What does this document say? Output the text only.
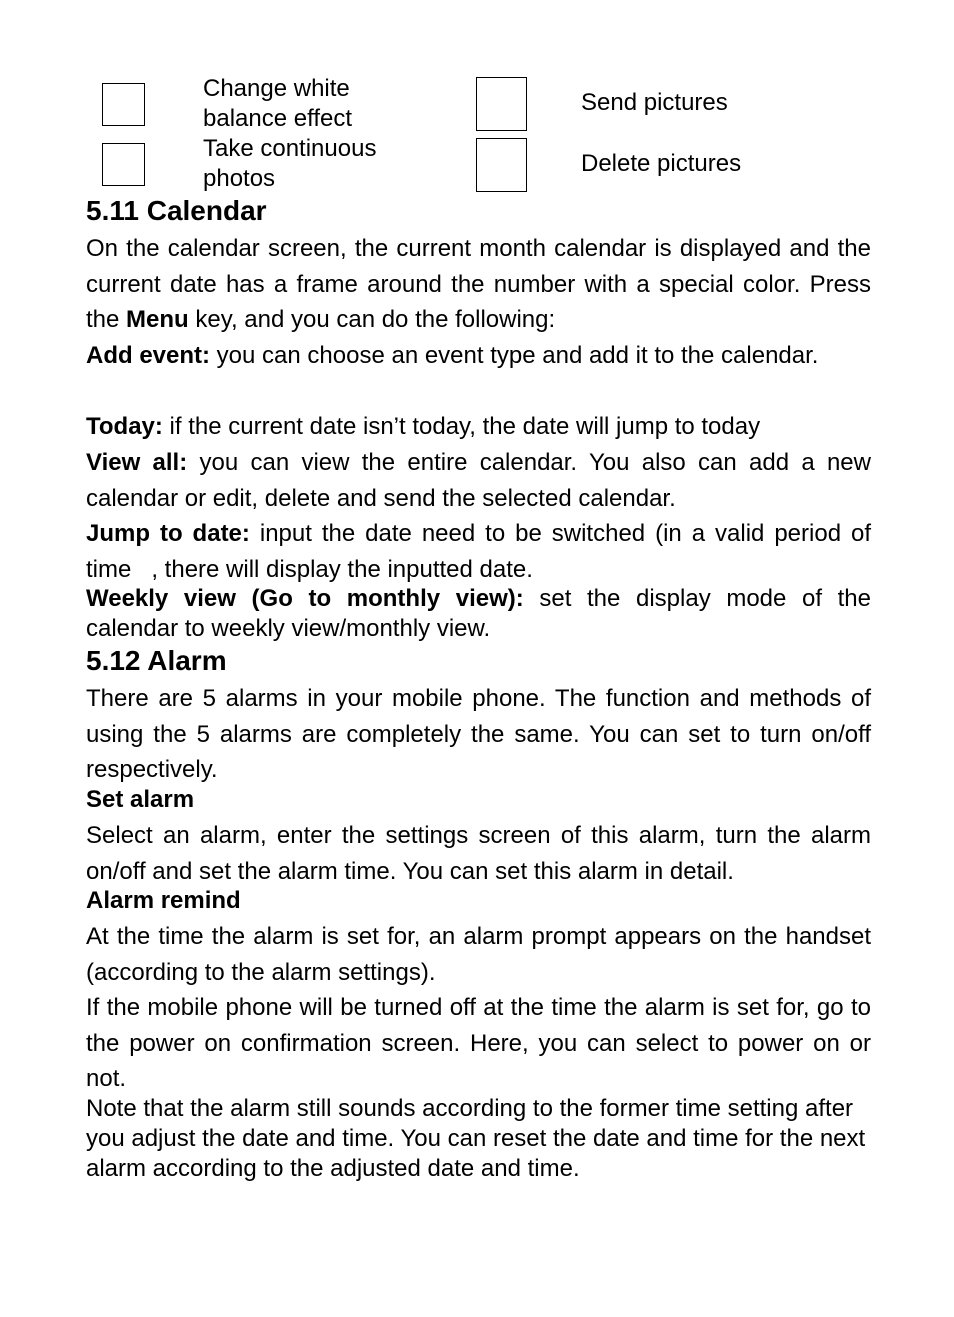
Change white
balance effect
Send pictures
Take continuous
photos
Delete pictures
5.11 Calendar
On the calendar screen, the current month calendar is displayed and the current date has a frame around the number with a special color. Press the Menu key, and you can do the following:
Add event: you can choose an event type and add it to the calendar.
Today: if the current date isn’t today, the date will jump to today
View all: you can view the entire calendar. You also can add a new calendar or edit, delete and send the selected calendar.
Jump to date: input the date need to be switched (in a valid period of time   , there will display the inputted date.
Weekly view (Go to monthly view): set the display mode of the calendar to weekly view/monthly view.
5.12 Alarm
There are 5 alarms in your mobile phone. The function and methods of using the 5 alarms are completely the same. You can set to turn on/off respectively.
Set alarm
Select an alarm, enter the settings screen of this alarm, turn the alarm on/off and set the alarm time. You can set this alarm in detail.
Alarm remind
At the time the alarm is set for, an alarm prompt appears on the handset (according to the alarm settings).
If the mobile phone will be turned off at the time the alarm is set for, go to the power on confirmation screen. Here, you can select to power on or not.
Note that the alarm still sounds according to the former time setting after you adjust the date and time. You can reset the date and time for the next alarm according to the adjusted date and time.
